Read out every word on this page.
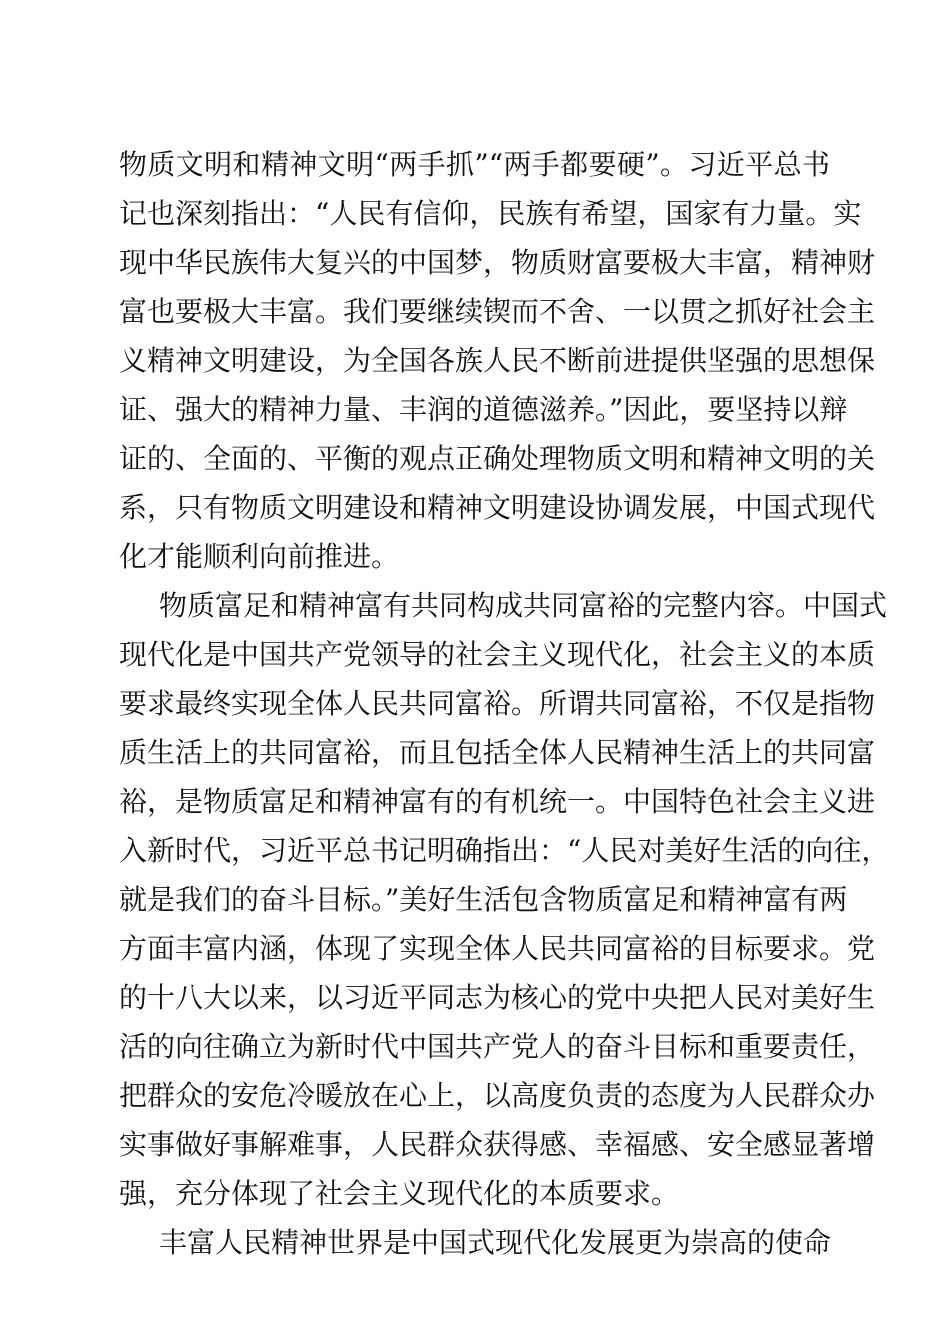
物质文明和精神文明“两手抓”“两手都要硬”。习近平总书
记也深刻指出：“人民有信仰，民族有希望，国家有力量。实
现中华民族伟大复兴的中国梦，物质财富要极大丰富，精神财
富也要极大丰富。我们要继续锲而不舍、一以贯之抓好社会主
义精神文明建设，为全国各族人民不断前进提供坚强的思想保
证、强大的精神力量、丰润的道德滋养。”因此，要坚持以辩
证的、全面的、平衡的观点正确处理物质文明和精神文明的关
系，只有物质文明建设和精神文明建设协调发展，中国式现代
化才能顺利向前推进。
物质富足和精神富有共同构成共同富裕的完整内容。中国式
现代化是中国共产党领导的社会主义现代化，社会主义的本质
要求最终实现全体人民共同富裕。所谓共同富裕，不仅是指物
质生活上的共同富裕，而且包括全体人民精神生活上的共同富
裕，是物质富足和精神富有的有机统一。中国特色社会主义进
入新时代，习近平总书记明确指出：“人民对美好生活的向往，
就是我们的奋斗目标。”美好生活包含物质富足和精神富有两
方面丰富内涵，体现了实现全体人民共同富裕的目标要求。党
的十八大以来，以习近平同志为核心的党中央把人民对美好生
活的向往确立为新时代中国共产党人的奋斗目标和重要责任，
把群众的安危冷暖放在心上，以高度负责的态度为人民群众办
实事做好事解难事，人民群众获得感、幸福感、安全感显著增
强，充分体现了社会主义现代化的本质要求。
丰富人民精神世界是中国式现代化发展更为崇高的使命
